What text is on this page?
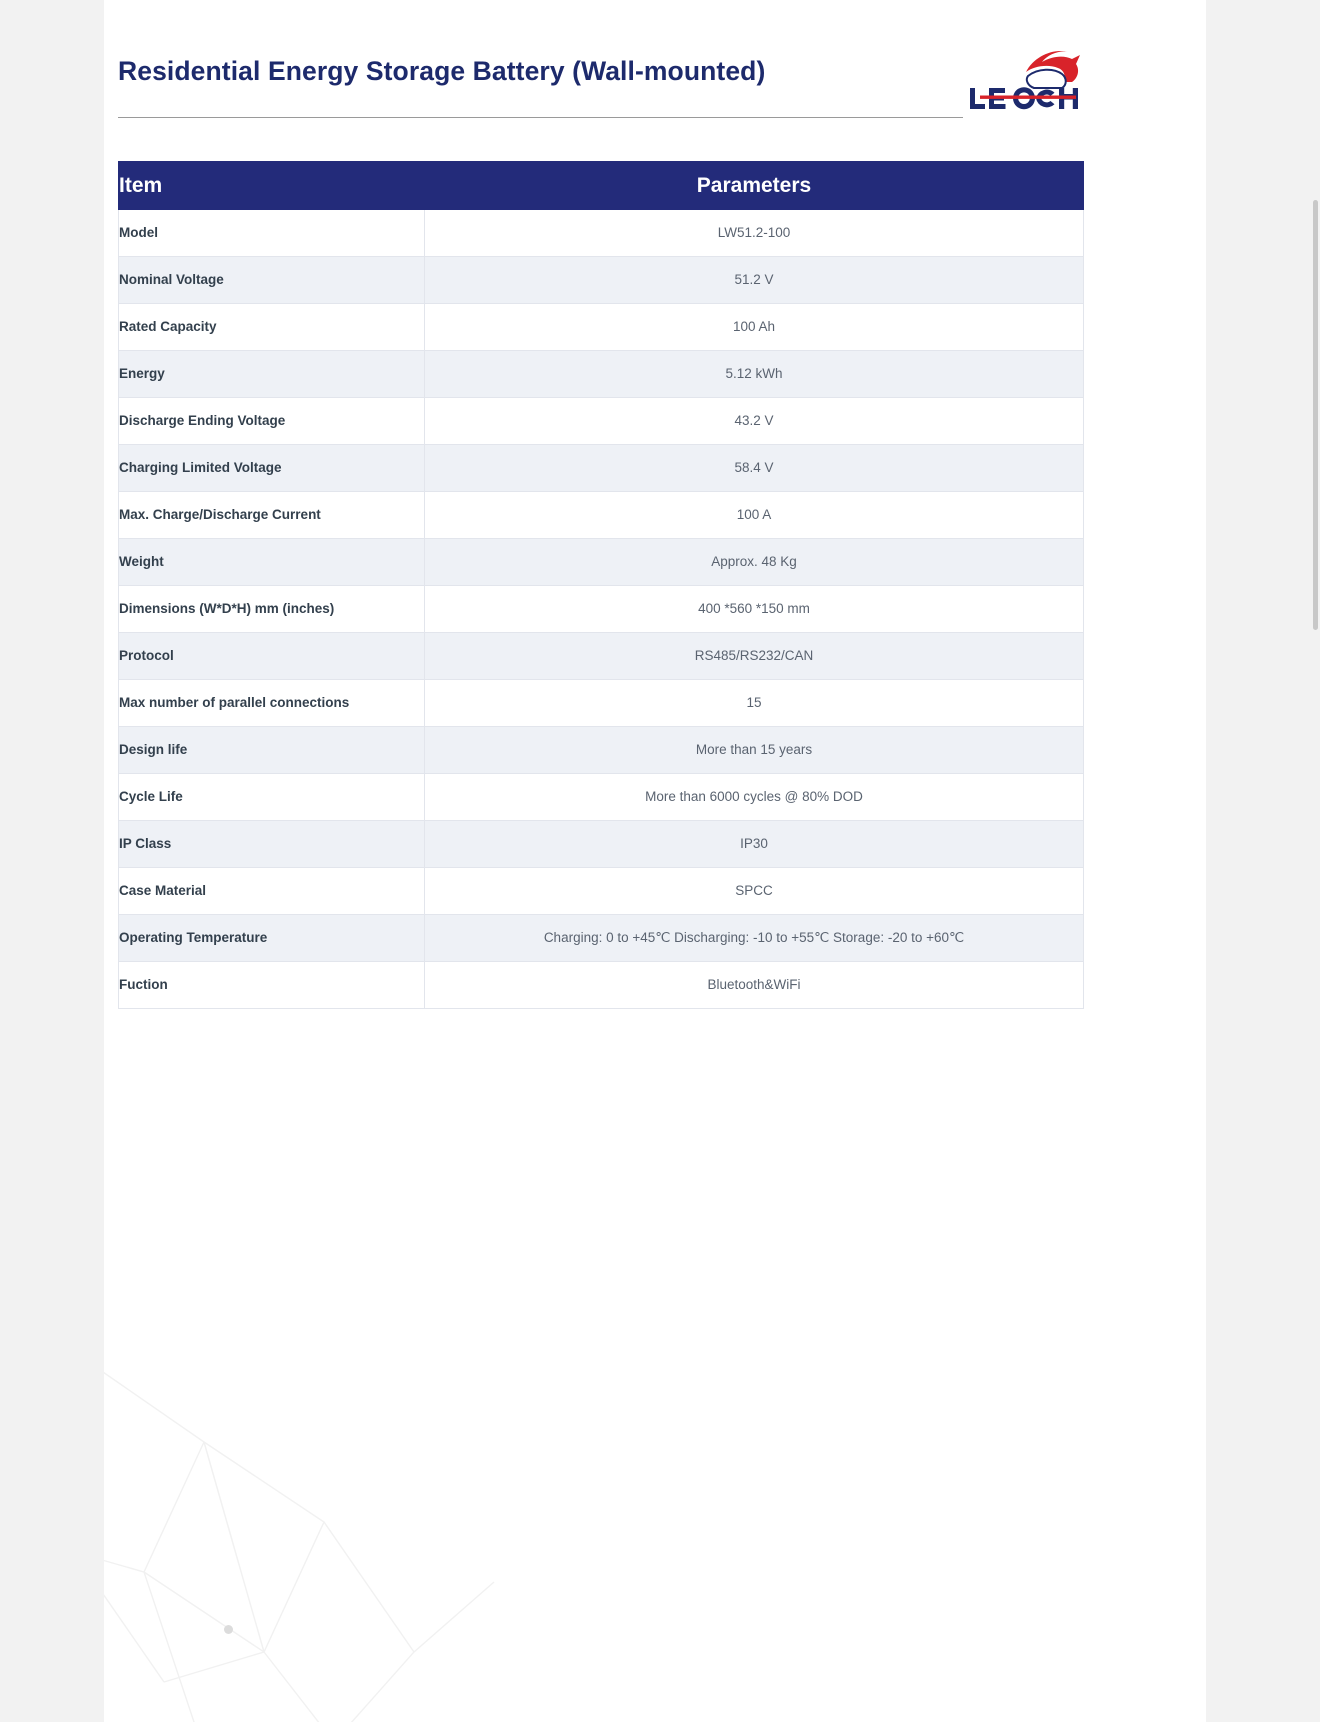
Residential Energy Storage Battery (Wall-mounted)
Item	Parameters
Model	LW51.2-100
Nominal Voltage	51.2 V
Rated Capacity	100 Ah
Energy	5.12 kWh
Discharge Ending Voltage	43.2 V
Charging Limited Voltage	58.4 V
Max. Charge/Discharge Current	100 A
Weight	Approx. 48 Kg
Dimensions (W*D*H) mm (inches)	400 *560 *150 mm
Protocol	RS485/RS232/CAN
Max number of parallel connections	15
Design life	More than 15 years
Cycle Life	More than 6000 cycles @ 80% DOD
IP Class	IP30
Case Material	SPCC
Operating Temperature	Charging: 0 to +45℃ Discharging: -10 to +55℃ Storage: -20 to +60℃
Fuction	Bluetooth&WiFi
